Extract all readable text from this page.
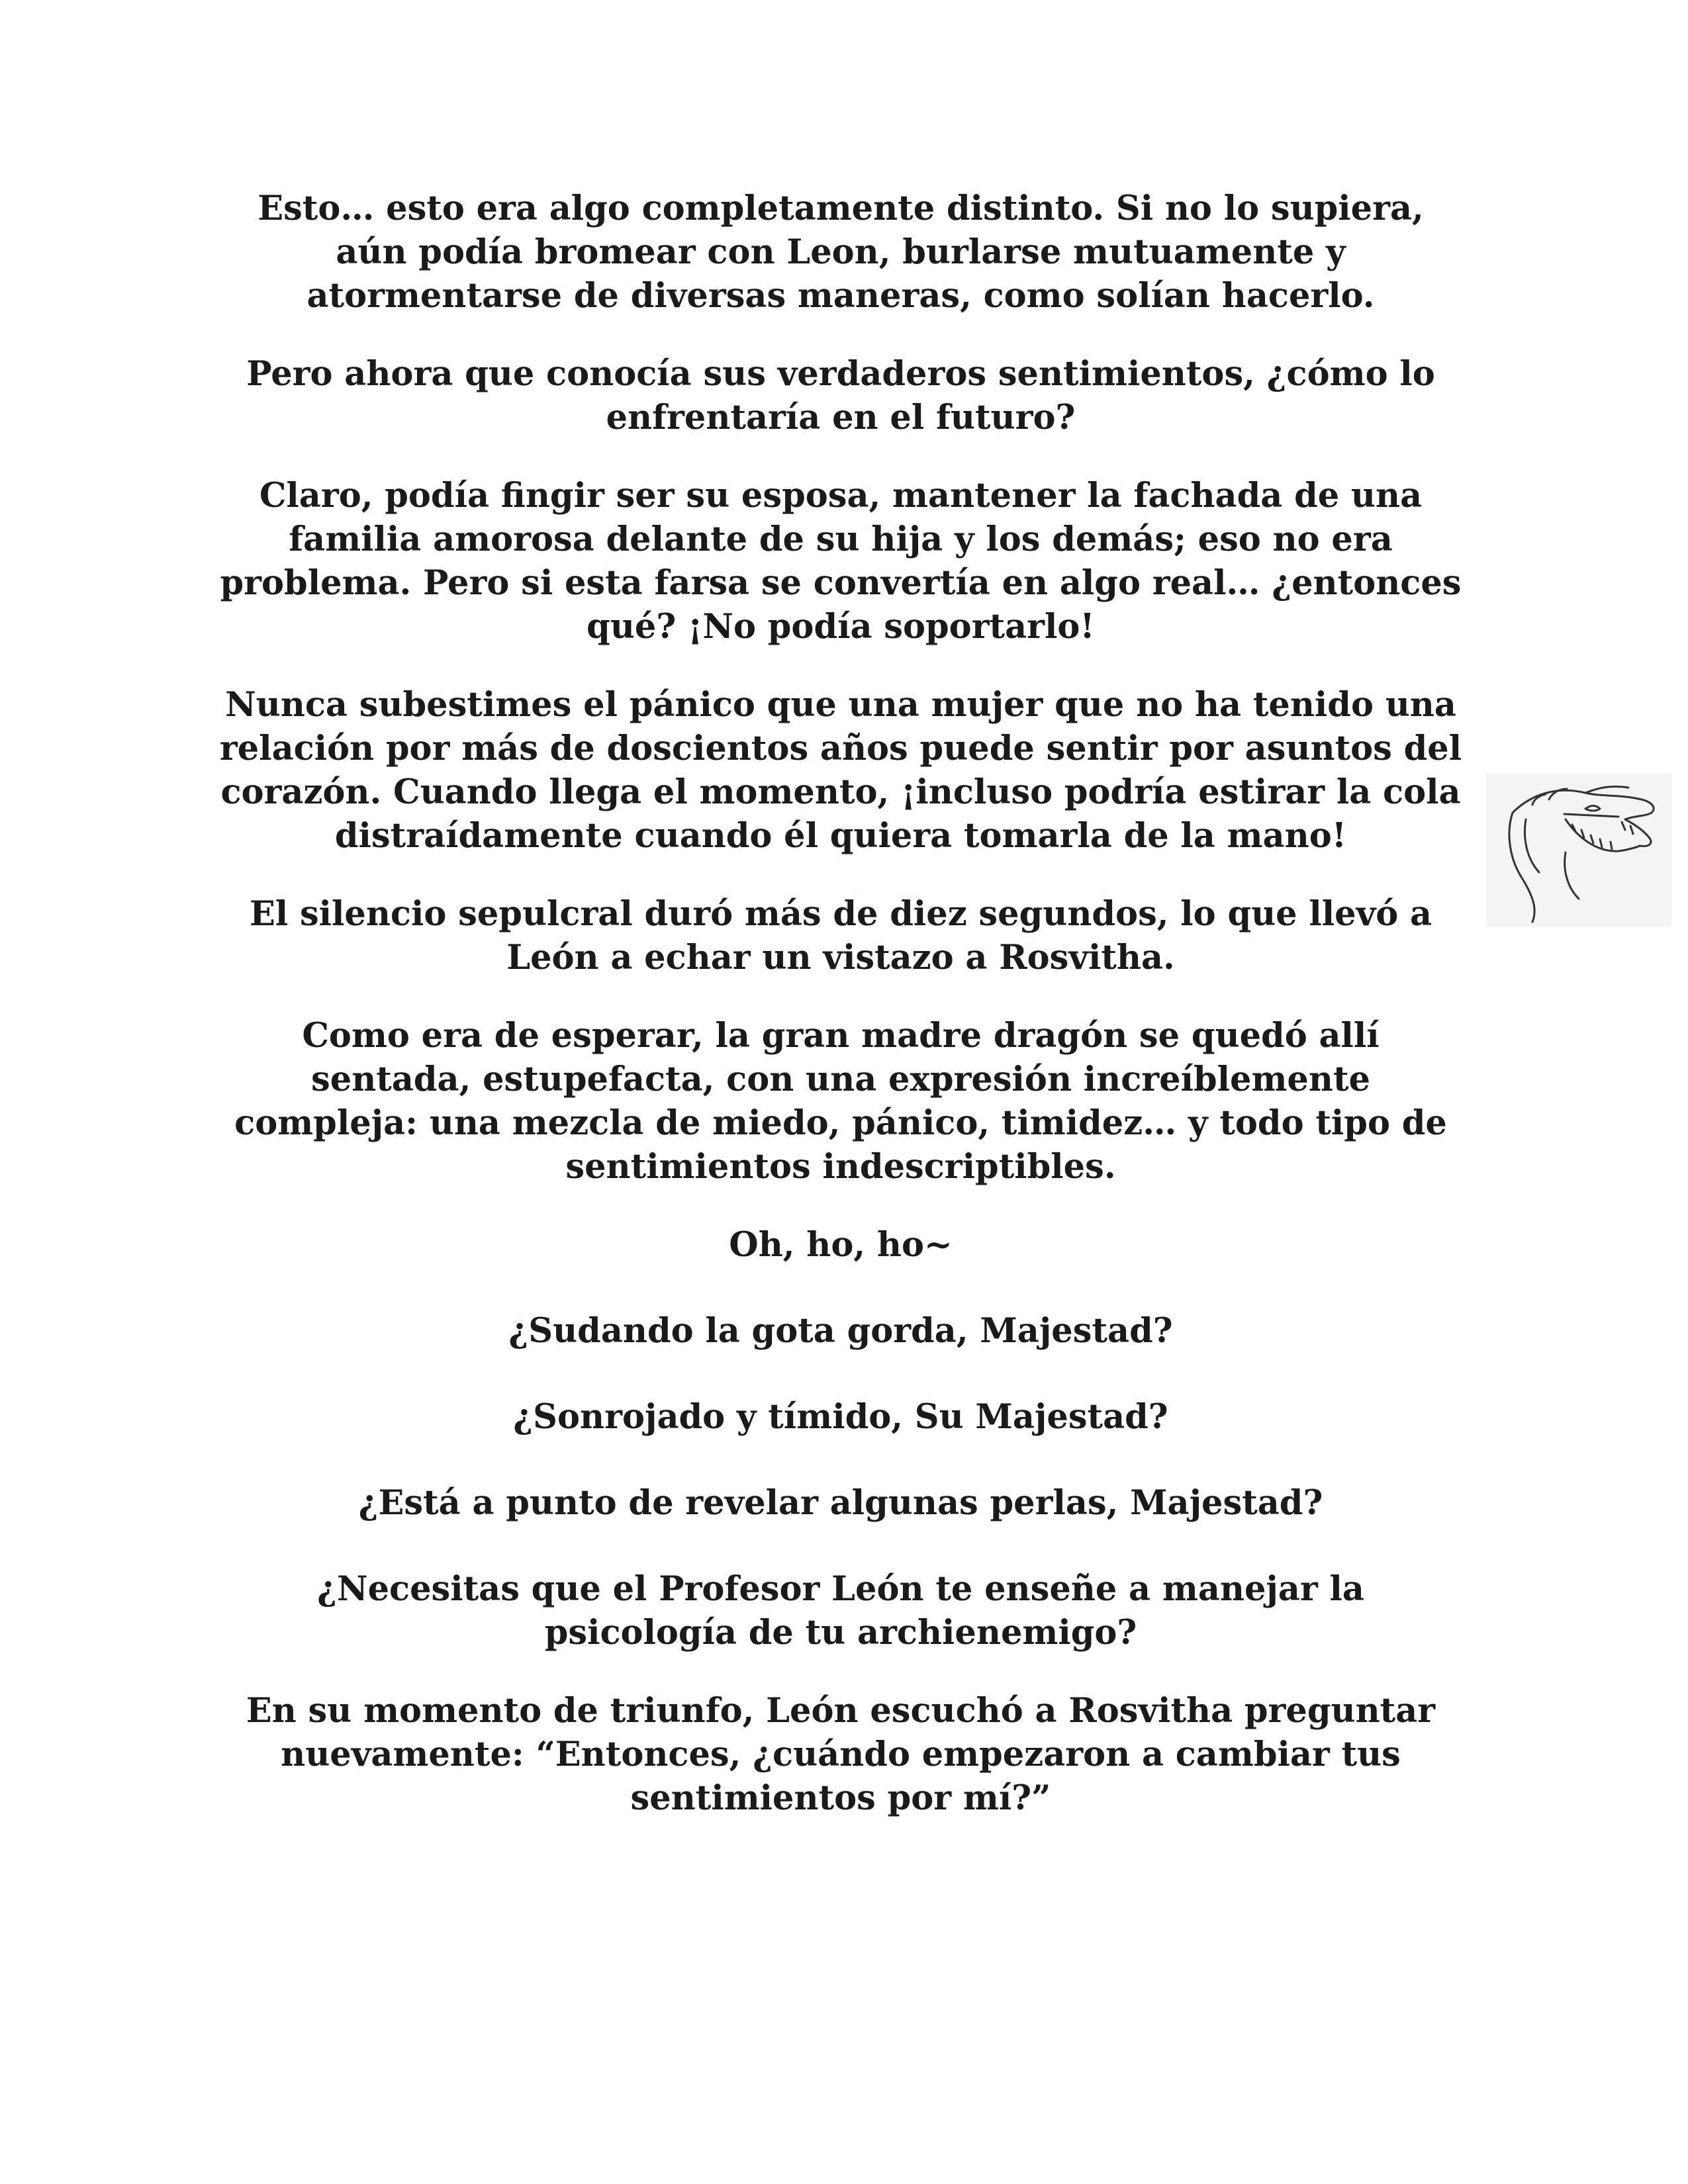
Esto… esto era algo completamente distinto. Si no lo supiera, aún podía bromear con Leon, burlarse mutuamente y atormentarse de diversas maneras, como solían hacerlo.

Pero ahora que conocía sus verdaderos sentimientos, ¿cómo lo enfrentaría en el futuro?

Claro, podía fingir ser su esposa, mantener la fachada de una familia amorosa delante de su hija y los demás; eso no era problema. Pero si esta farsa se convertía en algo real… ¿entonces qué? ¡No podía soportarlo!

Nunca subestimes el pánico que una mujer que no ha tenido una relación por más de doscientos años puede sentir por asuntos del corazón. Cuando llega el momento, ¡incluso podría estirar la cola distraídamente cuando él quiera tomarla de la mano!

El silencio sepulcral duró más de diez segundos, lo que llevó a León a echar un vistazo a Rosvitha.

Como era de esperar, la gran madre dragón se quedó allí sentada, estupefacta, con una expresión increíblemente compleja: una mezcla de miedo, pánico, timidez… y todo tipo de sentimientos indescriptibles.

Oh, ho, ho~

¿Sudando la gota gorda, Majestad?

¿Sonrojado y tímido, Su Majestad?

¿Está a punto de revelar algunas perlas, Majestad?

¿Necesitas que el Profesor León te enseñe a manejar la psicología de tu archienemigo?

En su momento de triunfo, León escuchó a Rosvitha preguntar nuevamente: “Entonces, ¿cuándo empezaron a cambiar tus sentimientos por mí?”
